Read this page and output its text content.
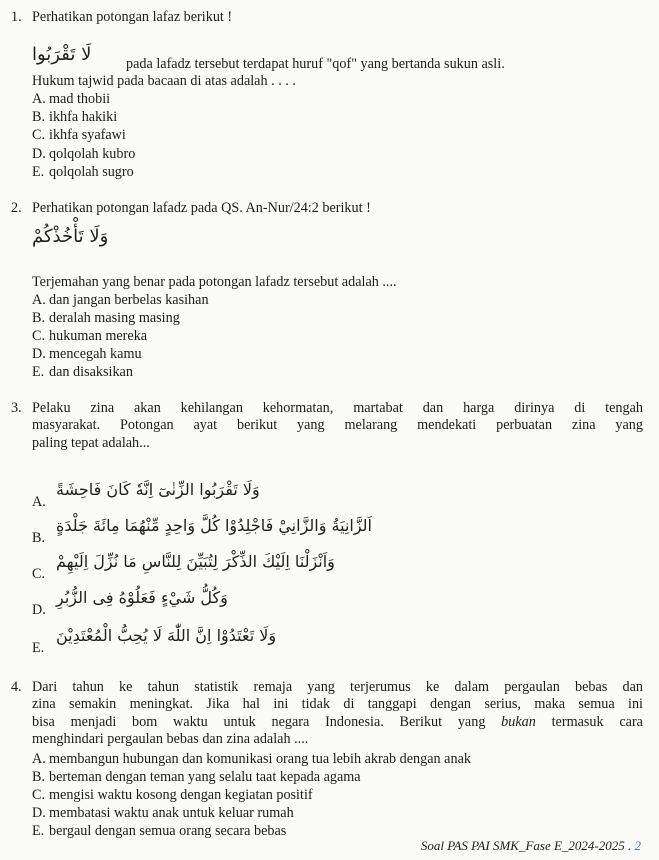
1. Perhatikan potongan lafaz berikut !
لَا تَقْرَبُوا pada lafadz tersebut terdapat huruf "qof" yang bertanda sukun asli.
Hukum tajwid pada bacaan di atas adalah . . . .
A. mad thobii
B. ikhfa hakiki
C. ikhfa syafawi
D. qolqolah kubro
E. qolqolah sugro
2. Perhatikan potongan lafadz pada QS. An-Nur/24:2 berikut !
وَلَا تَأْخُذْكُمْ
Terjemahan yang benar pada potongan lafadz tersebut adalah ....
A. dan jangan berbelas kasihan
B. deralah masing masing
C. hukuman mereka
D. mencegah kamu
E. dan disaksikan
3. Pelaku zina akan kehilangan kehormatan, martabat dan harga dirinya di tengah
masyarakat. Potongan ayat berikut yang melarang mendekati perbuatan zina yang
paling tepat adalah...
A.
وَلَا تَقْرَبُوا الزِّنٰىٓ اِنَّهٗ كَانَ فَاحِشَةً
B.
اَلزَّانِيَةُ وَالزَّانِيْ فَاجْلِدُوْا كُلَّ وَاحِدٍ مِّنْهُمَا مِائَةَ جَلْدَةٍ
C.
وَاَنْزَلْنَا اِلَيْكَ الذِّكْرَ لِتُبَيِّنَ لِلنَّاسِ مَا نُزِّلَ اِلَيْهِمْ
D.
وَكُلُّ شَيْءٍ فَعَلُوْهُ فِى الزُّبُرِ
E.
وَلَا تَعْتَدُوْا اِنَّ اللّٰهَ لَا يُحِبُّ الْمُعْتَدِيْنَ
4. Dari tahun ke tahun statistik remaja yang terjerumus ke dalam pergaulan bebas dan
zina semakin meningkat. Jika hal ini tidak di tanggapi dengan serius, maka semua ini
bisa menjadi bom waktu untuk negara Indonesia. Berikut yang bukan termasuk cara
menghindari pergaulan bebas dan zina adalah ....
A. membangun hubungan dan komunikasi orang tua lebih akrab dengan anak
B. berteman dengan teman yang selalu taat kepada agama
C. mengisi waktu kosong dengan kegiatan positif
D. membatasi waktu anak untuk keluar rumah
E. bergaul dengan semua orang secara bebas
Soal PAS PAI SMK_Fase E_2024-2025 . 2
